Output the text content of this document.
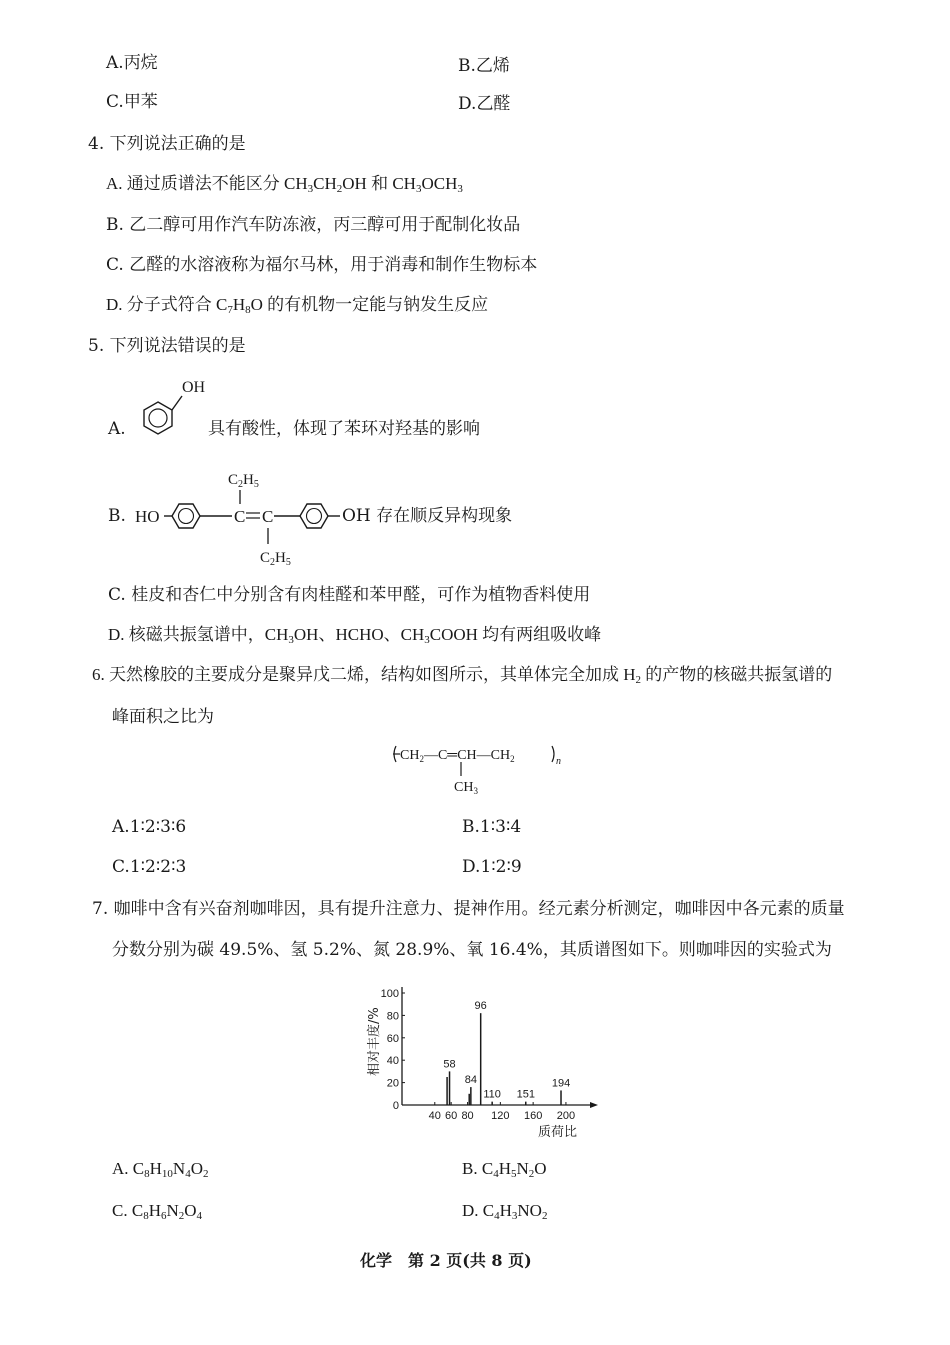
A.丙烷	B.乙烯
C.甲苯	D.乙醛
4. 下列说法正确的是
A. 通过质谱法不能区分 $CH_3CH_2OH$ 和 $CH_3OCH_3$
B. 乙二醇可用作汽车防冻液，丙三醇可用于配制化妆品
C. 乙醛的水溶液称为福尔马林，用于消毒和制作生物标本
D. 分子式符合 $C_7H_8O$ 的有机物一定能与钠发生反应
5. 下列说法错误的是
A.
OH
具有酸性，体现了苯环对羟基的影响
B. HO	C C
$C_2H_5$
$C_2H_5$
OH 存在顺反异构现象
C. 桂皮和杏仁中分别含有肉桂醛和苯甲醛，可作为植物香料使用
D. 核磁共振氢谱中，$CH_3OH$、HCHO、$CH_3COOH$ 均有两组吸收峰
6. 天然橡胶的主要成分是聚异戊二烯，结构如图所示，其单体完全加成 $H_2$ 的产物的核磁共振氢谱的
峰面积之比为
$CH_2—C═CH—CH_2$	n
$CH_3$
A.1∶2∶3∶6	B.1∶3∶4
C.1∶2∶2∶3	D.1∶2∶9
7. 咖啡中含有兴奋剂咖啡因，具有提升注意力、提神作用。经元素分析测定，咖啡因中各元素的质量
分数分别为碳 49.5%、氢 5.2%、氮 28.9%、氧 16.4%，其质谱图如下。则咖啡因的实验式为
0
20
40
60
80
100
40 60 80 120 160 200
58
84
96
110 151
194
相对丰度/%
质荷比
A. $C_8H_{10}N_4O_2$	B. $C_4H_5N_2O$
C. $C_8H_6N_2O_4$	D. $C_4H_3NO_2$
化学　第 2 页(共 8 页)
